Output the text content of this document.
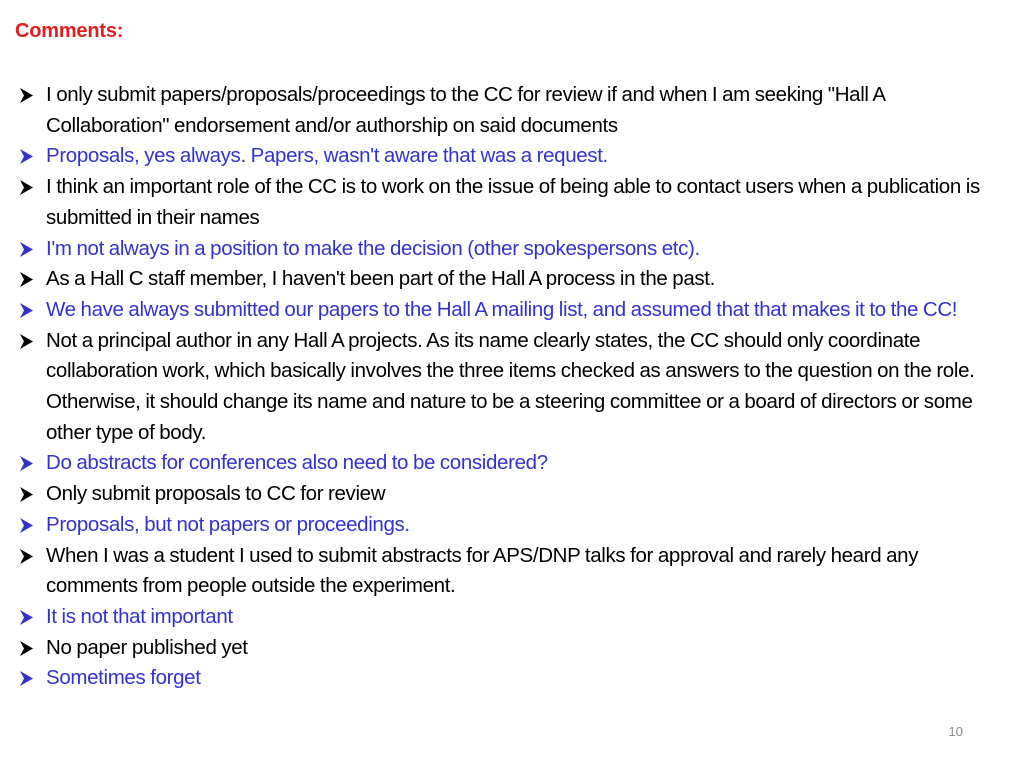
Comments:
I only submit papers/proposals/proceedings to the CC for review if and when I am seeking "Hall A Collaboration" endorsement and/or authorship on said documents
Proposals, yes always. Papers, wasn't aware that was a request.
I think an important role of the CC is to work on the issue of being able to contact users when a publication is submitted in their names
I'm not always in a position to make the decision (other spokespersons etc).
As a Hall C staff member, I haven't been part of the Hall A process in the past.
We have always submitted our papers to the Hall A mailing list, and assumed that that makes it to the CC!
Not a principal author in any Hall A projects. As its name clearly states, the CC should only coordinate collaboration work, which basically involves the three items checked as answers to the question on the role. Otherwise, it should change its name and nature to be a steering committee or a board of directors or some other type of body.
Do abstracts for conferences also need to be considered?
Only submit proposals to CC for review
Proposals, but not papers or proceedings.
When I was a student I used to submit abstracts for APS/DNP talks for approval and rarely heard any comments from people outside the experiment.
It is not that important
No paper published yet
Sometimes forget
10
